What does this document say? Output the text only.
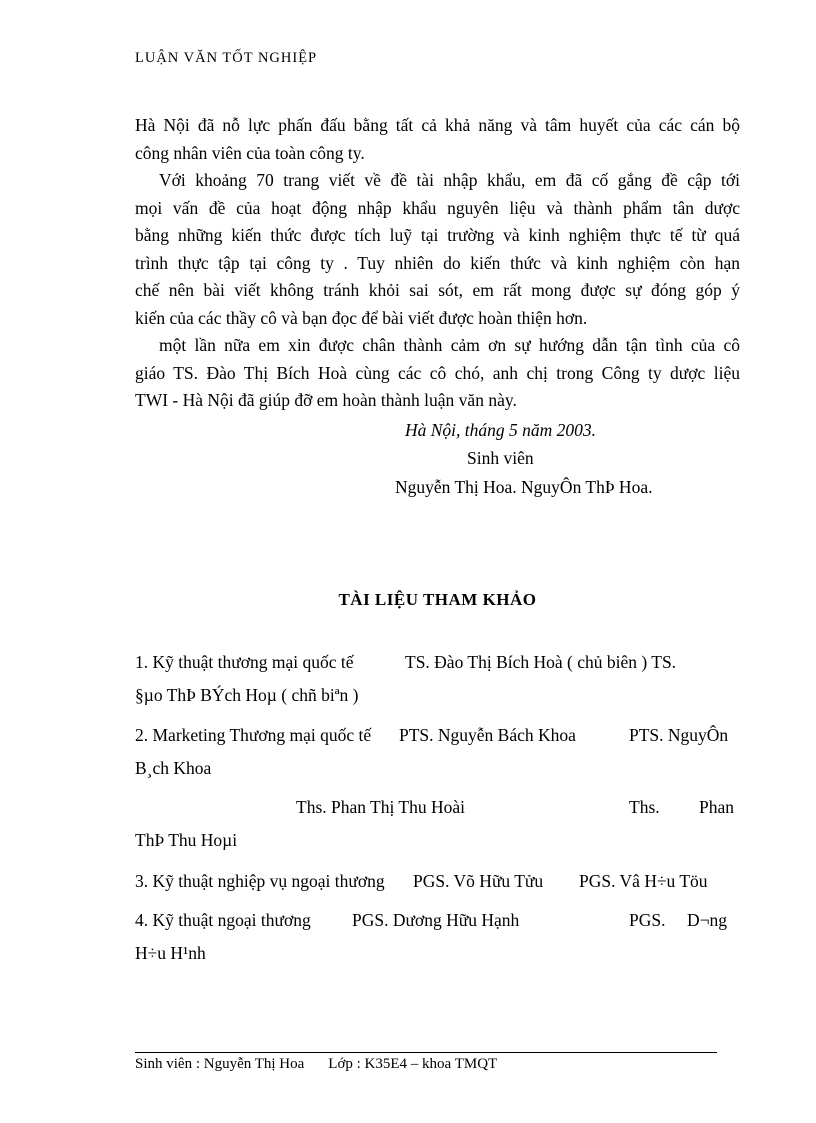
LUẬN VĂN TỐT NGHIỆP
Hà Nội đã nỗ lực phấn đấu bằng tất cả khả năng và tâm huyết của các cán bộ
công nhân viên của toàn công ty.
Với khoảng 70 trang viết về đề tài nhập khẩu, em đã cố gắng đề cập tới
mọi vấn đề của hoạt động nhập khẩu nguyên liệu và thành phẩm tân dược
bằng những kiến thức được tích luỹ tại trường và kinh nghiệm thực tế từ quá
trình thực tập tại công ty . Tuy nhiên do kiến thức và kinh nghiệm còn hạn
chế nên bài viết không tránh khỏi sai sót, em rất mong được sự đóng góp ý
kiến của các thầy cô và bạn đọc để bài viết được hoàn thiện hơn.
một lần nữa em xin được chân thành cảm ơn sự hướng dẫn tận tình của cô
giáo TS. Đào Thị Bích Hoà cùng các cô chó, anh chị trong Công ty dược liệu
TWI - Hà Nội đã giúp đỡ em hoàn thành luận văn này.
Hà Nội, tháng 5 năm 2003.
Sinh viên
Nguyễn Thị Hoa. NguyÔn ThÞ Hoa.
TÀI LIỆU THAM KHẢO
1. Kỹ thuật thương mại quốc tế	TS. Đào Thị Bích Hoà ( chủ biên ) TS.
§µo ThÞ BÝch Hoµ ( chñ biªn )
2. Marketing Thương mại quốc tế PTS. Nguyễn Bách Khoa	PTS. NguyÔn
B¸ch Khoa
Ths. Phan Thị Thu Hoài	Ths. Phan
ThÞ Thu Hoµi
3. Kỹ thuật nghiệp vụ ngoại thương PGS. Võ Hữu Tửu PGS. Vâ H÷u Töu
4. Kỹ thuật ngoại thương PGS. Dương Hữu Hạnh	PGS. D¬ng
H÷u H¹nh
Sinh viên : Nguyễn Thị Hoa Lớp : K35E4 – khoa TMQT
